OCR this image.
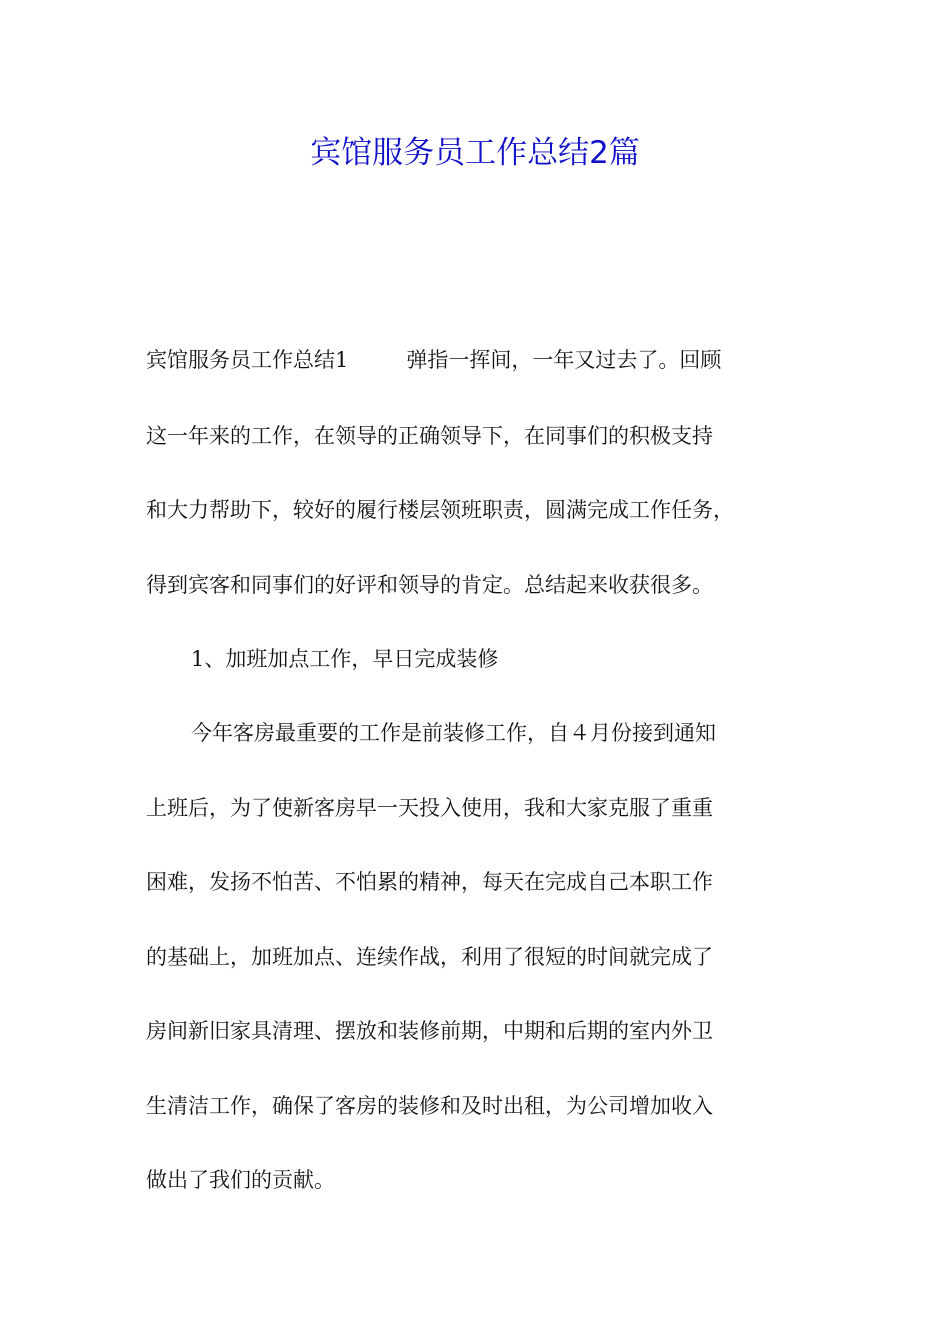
宾馆服务员工作总结2篇
宾馆服务员工作总结1	弹指一挥间，一年又过去了。回顾
这一年来的工作，在领导的正确领导下，在同事们的积极支持
和大力帮助下，较好的履行楼层领班职责，圆满完成工作任务，
得到宾客和同事们的好评和领导的肯定。总结起来收获很多。
1、加班加点工作，早日完成装修
今年客房最重要的工作是前装修工作，自４月份接到通知
上班后，为了使新客房早一天投入使用，我和大家克服了重重
困难，发扬不怕苦、不怕累的精神，每天在完成自己本职工作
的基础上，加班加点、连续作战，利用了很短的时间就完成了
房间新旧家具清理、摆放和装修前期，中期和后期的室内外卫
生清洁工作，确保了客房的装修和及时出租，为公司增加收入
做出了我们的贡献。
